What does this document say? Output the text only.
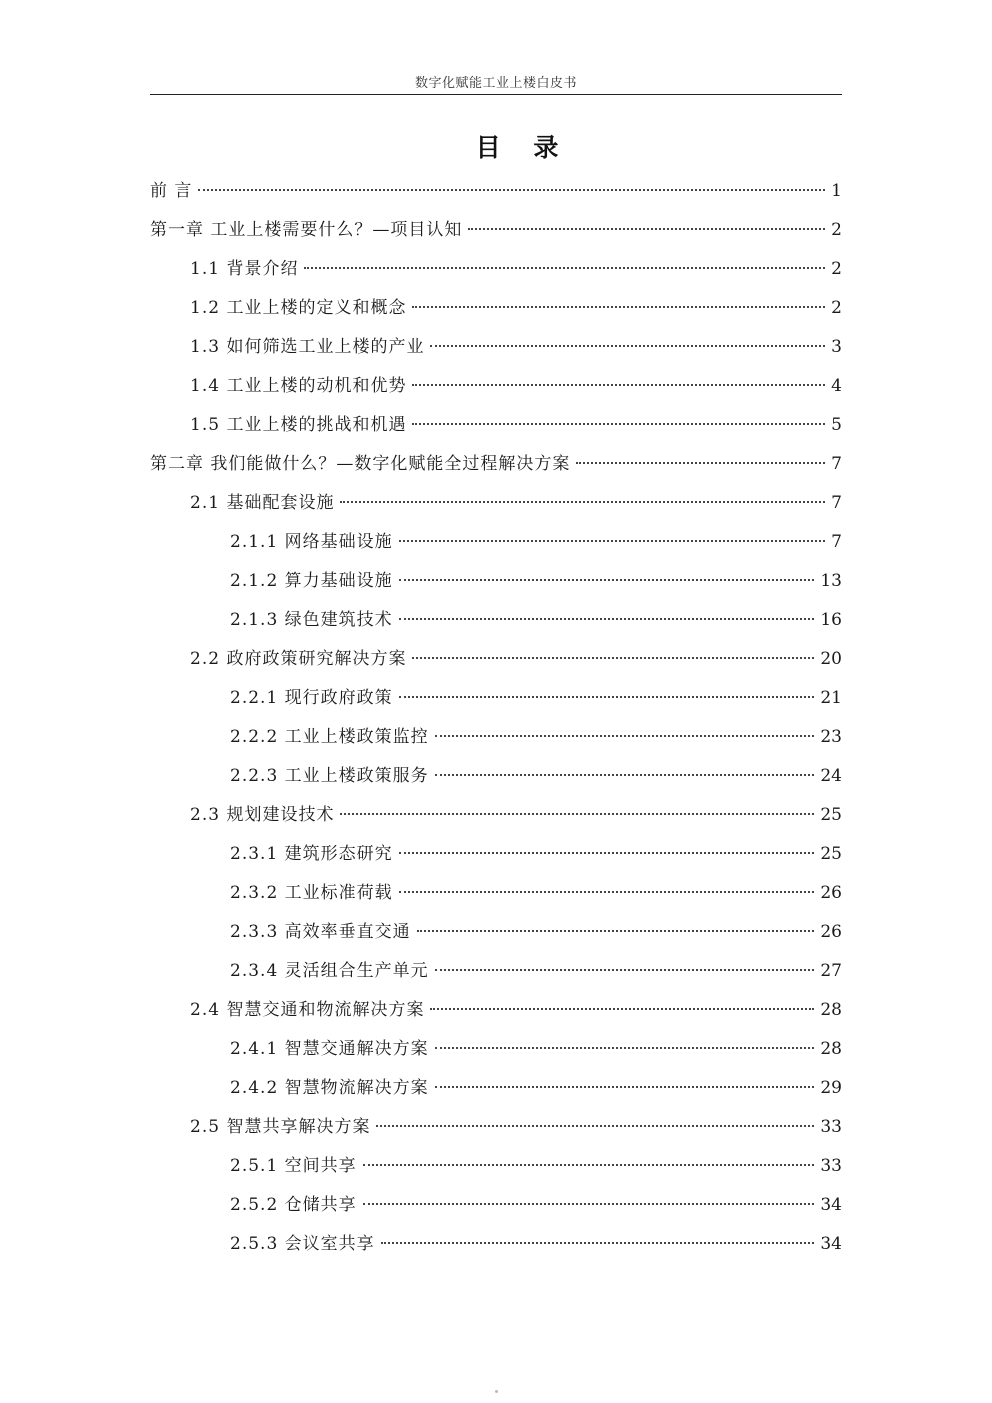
数字化赋能工业上楼白皮书
目 录
前 言	1
第一章 工业上楼需要什么？—项目认知	2
1.1 背景介绍	2
1.2 工业上楼的定义和概念	2
1.3 如何筛选工业上楼的产业	3
1.4 工业上楼的动机和优势	4
1.5 工业上楼的挑战和机遇	5
第二章 我们能做什么？—数字化赋能全过程解决方案	7
2.1 基础配套设施	7
2.1.1 网络基础设施	7
2.1.2 算力基础设施	13
2.1.3 绿色建筑技术	16
2.2 政府政策研究解决方案	20
2.2.1 现行政府政策	21
2.2.2 工业上楼政策监控	23
2.2.3 工业上楼政策服务	24
2.3 规划建设技术	25
2.3.1 建筑形态研究	25
2.3.2 工业标准荷载	26
2.3.3 高效率垂直交通	26
2.3.4 灵活组合生产单元	27
2.4 智慧交通和物流解决方案	28
2.4.1 智慧交通解决方案	28
2.4.2 智慧物流解决方案	29
2.5 智慧共享解决方案	33
2.5.1 空间共享	33
2.5.2 仓储共享	34
2.5.3 会议室共享	34
